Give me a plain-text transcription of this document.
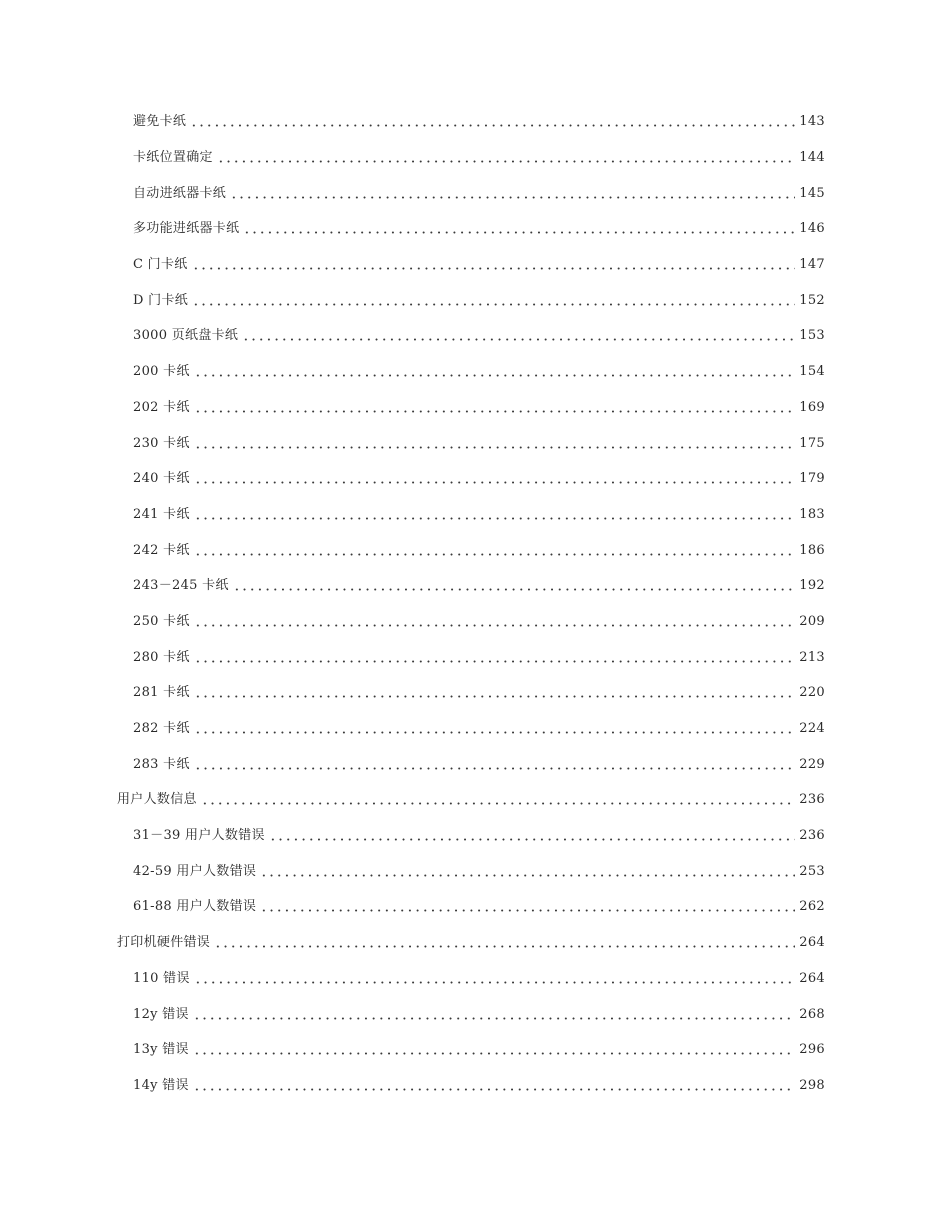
避免卡纸	143
卡纸位置确定	144
自动进纸器卡纸	145
多功能进纸器卡纸	146
C 门卡纸	147
D 门卡纸	152
3000 页纸盘卡纸	153
200 卡纸	154
202 卡纸	169
230 卡纸	175
240 卡纸	179
241 卡纸	183
242 卡纸	186
243－245 卡纸	192
250 卡纸	209
280 卡纸	213
281 卡纸	220
282 卡纸	224
283 卡纸	229
用户人数信息	236
31－39 用户人数错误	236
42-59 用户人数错误	253
61-88 用户人数错误	262
打印机硬件错误	264
110 错误	264
12y 错误	268
13y 错误	296
14y 错误	298
